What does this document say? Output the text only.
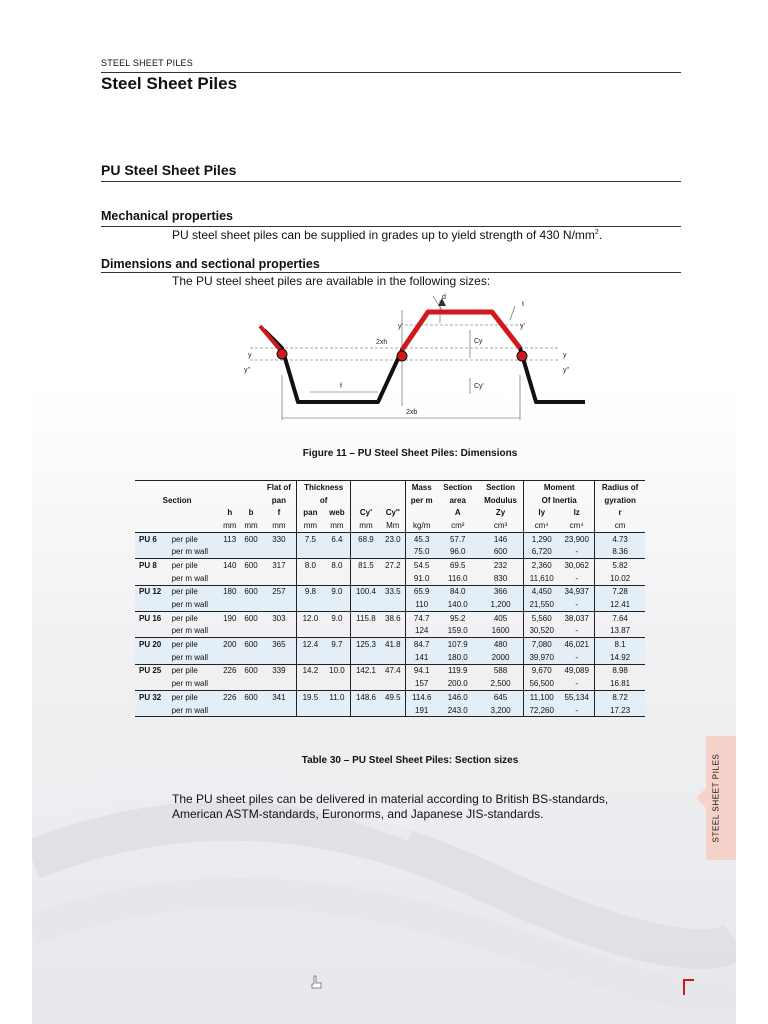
STEEL SHEET PILES
Steel Sheet Piles
PU Steel Sheet Piles
Mechanical properties
PU steel sheet piles can be supplied in grades up to yield strength of 430 $N/mm^2$.
Dimensions and sectional properties
The PU steel sheet piles are available in the following sizes:
d
t
2xh
2xb
f
y
y''
y'	y'
y
y''
Cy
Cy'
Figure 11 – PU Steel Sheet Piles: Dimensions
				Flat of	Thickness				Mass	Section	Section	Moment		Radius of
Section				pan	of				per m	area	Modulus	Of Inertia		gyration
		h	b	f	pan	web	Cy'	Cy''		A	Zy	Iy	Iz	r
		mm	mm	mm	mm	mm	mm	Mm	kg/m	cm²	cm³	cm⁴	cm⁴	cm
PU 6	per pile	113	600	330	7.5	6.4	68.9	23.0	45.3	57.7	146	1,290	23,900	4.73
	per m wall								75.0	96.0	600	6,720	-	8.36
PU 8	per pile	140	600	317	8.0	8.0	81.5	27.2	54.5	69.5	232	2,360	30,062	5.82
	per m wall								91.0	116.0	830	11,610	-	10.02
PU 12	per pile	180	600	257	9.8	9.0	100.4	33.5	65.9	84.0	366	4,450	34,937	7.28
	per m wall								110	140.0	1,200	21,550	-	12.41
PU 16	per pile	190	600	303	12.0	9.0	115.8	38.6	74.7	95.2	405	5,560	38,037	7.64
	per m wall								124	159.0	1600	30,520	-	13.87
PU 20	per pile	200	600	365	12.4	9.7	125.3	41.8	84.7	107.9	480	7,080	46,021	8.1
	per m wall								141	180.0	2000	39,970	-	14.92
PU 25	per pile	226	600	339	14.2	10.0	142.1	47.4	94.1	119.9	588	9,670	49,089	8.98
	per m wall								157	200.0	2,500	56,500	-	16.81
PU 32	per pile	226	600	341	19.5	11.0	148.6	49.5	114.6	146.0	645	11,100	55,134	8.72
	per m wall								191	243.0	3,200	72,260	-	17.23
Table 30 – PU Steel Sheet Piles: Section sizes
The PU sheet piles can be delivered in material according to British BS-standards,
American ASTM-standards, Euronorms, and Japanese JIS-standards.	STEEL SHEET PILES
